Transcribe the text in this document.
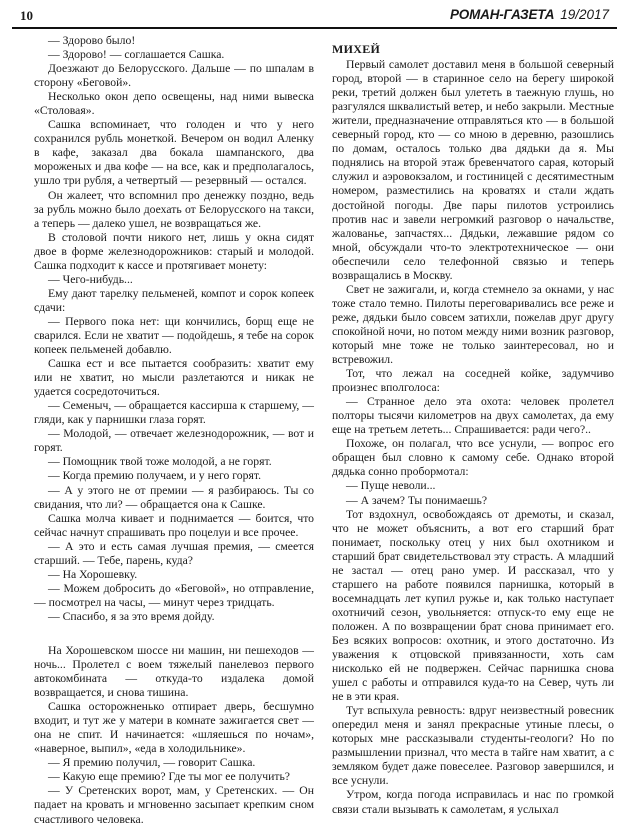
10	РОМАН-ГАЗЕТА 19/2017

— Здорово было!

— Здорово! — соглашается Сашка.

Доезжают до Белорусского. Дальше — по шпалам в сторону «Беговой».

Несколько окон депо освещены, над ними вывеска «Столовая».

Сашка вспоминает, что голоден и что у него сохранился рубль монеткой. Вечером он водил Аленку в кафе, заказал два бокала шампанского, два мороженых и два кофе — на все, как и предполагалось, ушло три рубля, а четвертый — резервный — остался.

Он жалеет, что вспомнил про денежку поздно, ведь за рубль можно было доехать от Белорусского на такси, а теперь — далеко ушел, не возвращаться же.

В столовой почти никого нет, лишь у окна сидят двое в форме железнодорожников: старый и молодой. Сашка подходит к кассе и протягивает монету:

— Чего-нибудь...

Ему дают тарелку пельменей, компот и сорок копеек сдачи:

— Первого пока нет: щи кончились, борщ еще не сварился. Если не хватит — подойдешь, я тебе на сорок копеек пельменей добавлю.

Сашка ест и все пытается сообразить: хватит ему или не хватит, но мысли разлетаются и никак не удается сосредоточиться.

— Семеныч, — обращается кассирша к старшему, — гляди, как у парнишки глаза горят.

— Молодой, — отвечает железнодорожник, — вот и горят.

— Помощник твой тоже молодой, а не горят.

— Когда премию получаем, и у него горят.

— А у этого не от премии — я разбираюсь. Ты со свидания, что ли? — обращается она к Сашке.

Сашка молча кивает и поднимается — боится, что сейчас начнут спрашивать про поцелуи и все прочее.

— А это и есть самая лучшая премия, — смеется старший. — Тебе, парень, куда?

— На Хорошевку.

— Можем добросить до «Беговой», но отправление, — посмотрел на часы, — минут через тридцать.

— Спасибо, я за это время дойду.

На Хорошевском шоссе ни машин, ни пешеходов — ночь... Пролетел с воем тяжелый панелевоз первого автокомбината — откуда-то издалека домой возвращается, и снова тишина.

Сашка осторожненько отпирает дверь, бесшумно входит, и тут же у матери в комнате зажигается свет — она не спит. И начинается: «шляешься по ночам», «наверное, выпил», «еда в холодильнике».

— Я премию получил, — говорит Сашка.

— Какую еще премию? Где ты мог ее получить?

— У Сретенских ворот, мам, у Сретенских. — Он падает на кровать и мгновенно засыпает крепким сном счастливого человека.

МИХЕЙ

Первый самолет доставил меня в большой северный город, второй — в старинное село на берегу широкой реки, третий должен был улететь в таежную глушь, но разгулялся шквалистый ветер, и небо закрыли. Местные жители, предназначение отправляться кто — в большой северный город, кто — со мною в деревню, разошлись по домам, осталось только два дядьки да я. Мы поднялись на второй этаж бревенчатого сарая, который служил и аэровокзалом, и гостиницей с десятиместным номером, разместились на кроватях и стали ждать достойной погоды. Две пары пилотов устроились против нас и завели негромкий разговор о начальстве, жалованье, запчастях... Дядьки, лежавшие рядом со мной, обсуждали что-то электротехническое — они обеспечили село телефонной связью и теперь возвращались в Москву.

Свет не зажигали, и, когда стемнело за окнами, у нас тоже стало темно. Пилоты переговаривались все реже и реже, дядьки было совсем затихли, пожелав друг другу спокойной ночи, но потом между ними возник разговор, который мне тоже не только заинтересовал, но и встревожил.

Тот, что лежал на соседней койке, задумчиво произнес вполголоса:

— Странное дело эта охота: человек пролетел полторы тысячи километров на двух самолетах, да ему еще на третьем лететь... Спрашивается: ради чего?..

Похоже, он полагал, что все уснули, — вопрос его обращен был словно к самому себе. Однако второй дядька сонно пробормотал:

— Пуще неволи...

— А зачем? Ты понимаешь?

Тот вздохнул, освобождаясь от дремоты, и сказал, что не может объяснить, а вот его старший брат понимает, поскольку отец у них был охотником и старший брат свидетельствовал эту страсть. А младший не застал — отец рано умер. И рассказал, что у старшего на работе появился парнишка, который в восемнадцать лет купил ружье и, как только наступает охотничий сезон, увольняется: отпуск-то ему еще не положен. А по возвращении брат снова принимает его. Без всяких вопросов: охотник, и этого достаточно. Из уважения к отцовской привязанности, хоть сам нисколько ей не подвержен. Сейчас парнишка снова ушел с работы и отправился куда-то на Север, чуть ли не в эти края.

Тут вспыхула ревность: вдруг неизвестный ровесник опередил меня и занял прекрасные утиные плесы, о которых мне рассказывали студенты-геологи? Но по размышлении признал, что места в тайге нам хватит, а с земляком будет даже повеселее. Разговор завершился, и все уснули.

Утром, когда погода исправилась и нас по громкой связи стали вызывать к самолетам, я услыхал
